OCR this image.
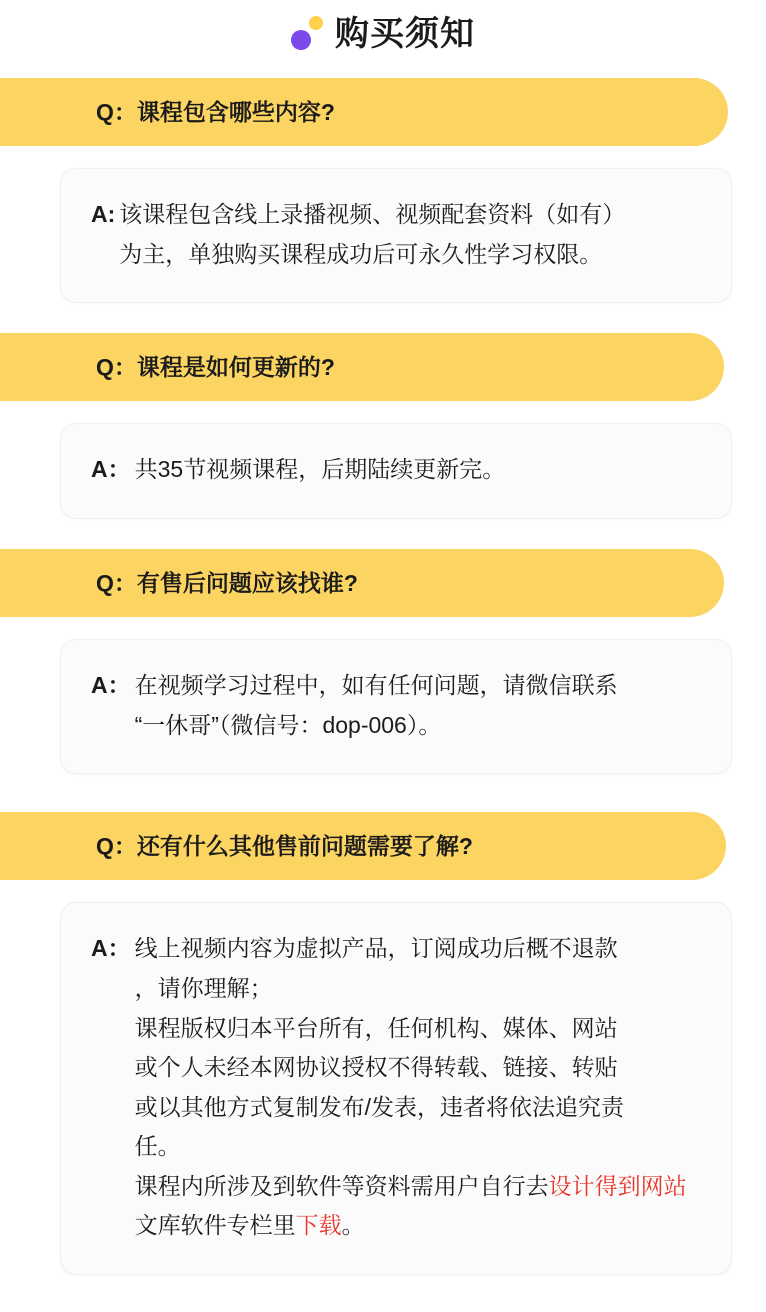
购买须知
Q： 课程包含哪些内容?
A: 该课程包含线上录播视频、视频配套资料（如有）
为主，单独购买课程成功后可永久性学习权限。
Q： 课程是如何更新的?
A： 共35节视频课程，后期陆续更新完。
Q： 有售后问题应该找谁?
A： 在视频学习过程中，如有任何问题，请微信联系
“一休哥”（微信号：dop-006）。
Q： 还有什么其他售前问题需要了解?
A： 线上视频内容为虚拟产品，订阅成功后概不退款
，请你理解；
课程版权归本平台所有，任何机构、媒体、网站
或个人未经本网协议授权不得转载、链接、转贴
或以其他方式复制发布/发表，违者将依法追究责
任。
课程内所涉及到软件等资料需用户自行去设计得到网站文库软件专栏里下载。
